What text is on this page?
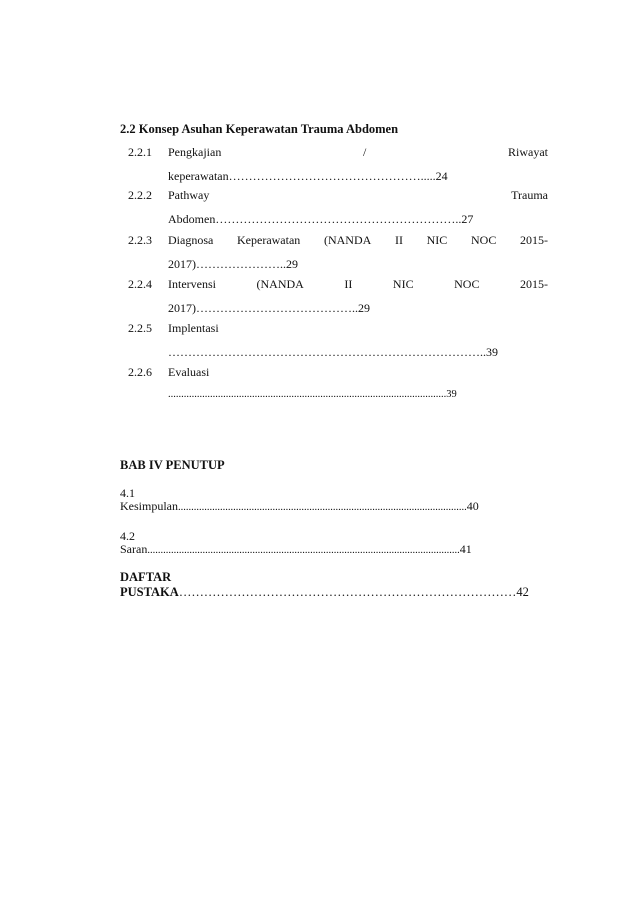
2.2 Konsep Asuhan Keperawatan Trauma Abdomen
2.2.1	Pengkajian	/	Riwayat
keperawatan………………………………………….....24
2.2.2	Pathway	Trauma
Abdomen……………………………………………………..27
2.2.3	Diagnosa Keperawatan (NANDA II NIC NOC 2015-
2017)…………………..29
2.2.4	Intervensi	(NANDA	II	NIC	NOC	2015-
2017)…………………………………..29
2.2.5	Implentasi
……………………………………………………………………..39
2.2.6	Evaluasi
..........................................................................................................39
BAB IV PENUTUP
4.1
Kesimpulan..............................................................................................................40
4.2
Saran.......................................................................................................................41
DAFTAR
PUSTAKA………………………………………………………………………42
